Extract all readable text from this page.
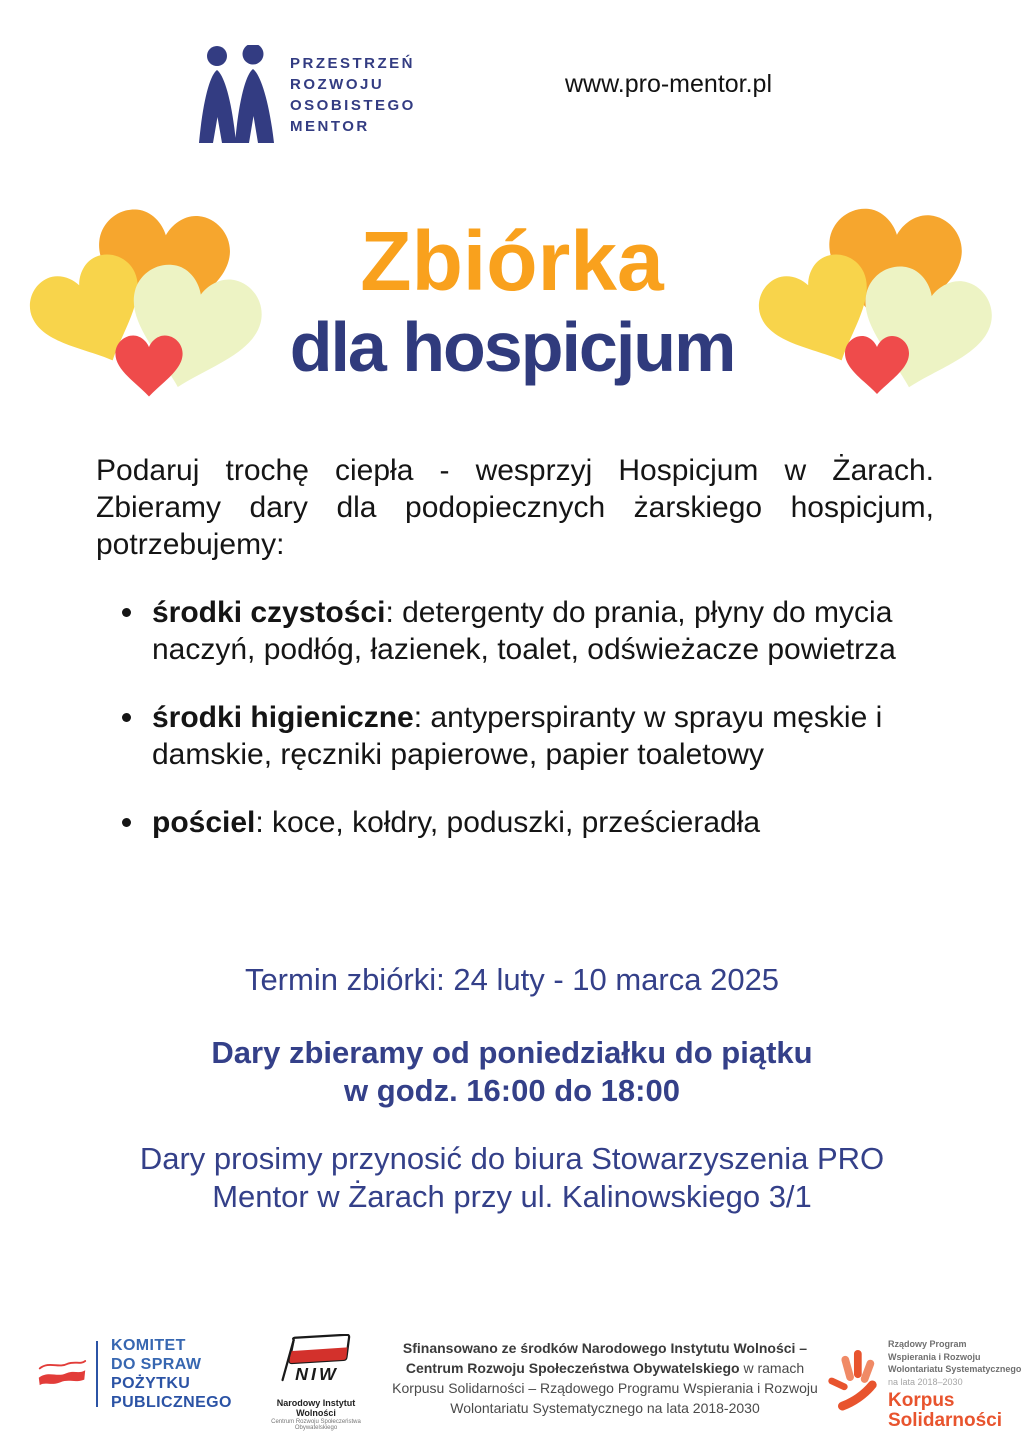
PRZESTRZEŃ
ROZWOJU
OSOBISTEGO
MENTOR
www.pro-mentor.pl
Zbiórka
dla hospicjum

Podaruj trochę ciepła - wesprzyj Hospicjum w Żarach. Zbieramy dary dla podopiecznych żarskiego hospicjum, potrzebujemy:

środki czystości: detergenty do prania, płyny do mycia naczyń, podłóg, łazienek, toalet, odświeżacze powietrza
środki higieniczne: antyperspiranty w sprayu męskie i damskie, ręczniki papierowe, papier toaletowy
pościel: koce, kołdry, poduszki, prześcieradła
Termin zbiórki: 24 luty - 10 marca 2025
Dary zbieramy od poniedziałku do piątku
w godz. 16:00 do 18:00
Dary prosimy przynosić do biura Stowarzyszenia PRO
Mentor w Żarach przy ul. Kalinowskiego 3/1
KOMITET
DO SPRAW
POŻYTKU
PUBLICZNEGO
NIW
Narodowy Instytut Wolności
Centrum Rozwoju Społeczeństwa Obywatelskiego
Sfinansowano ze środków Narodowego Instytutu Wolności –
Centrum Rozwoju Społeczeństwa Obywatelskiego w ramach
Korpusu Solidarności – Rządowego Programu Wspierania i Rozwoju
Wolontariatu Systematycznego na lata 2018-2030
Rządowy Program
Wspierania i Rozwoju
Wolontariatu Systematycznego
na lata 2018–2030
Korpus
Solidarności
